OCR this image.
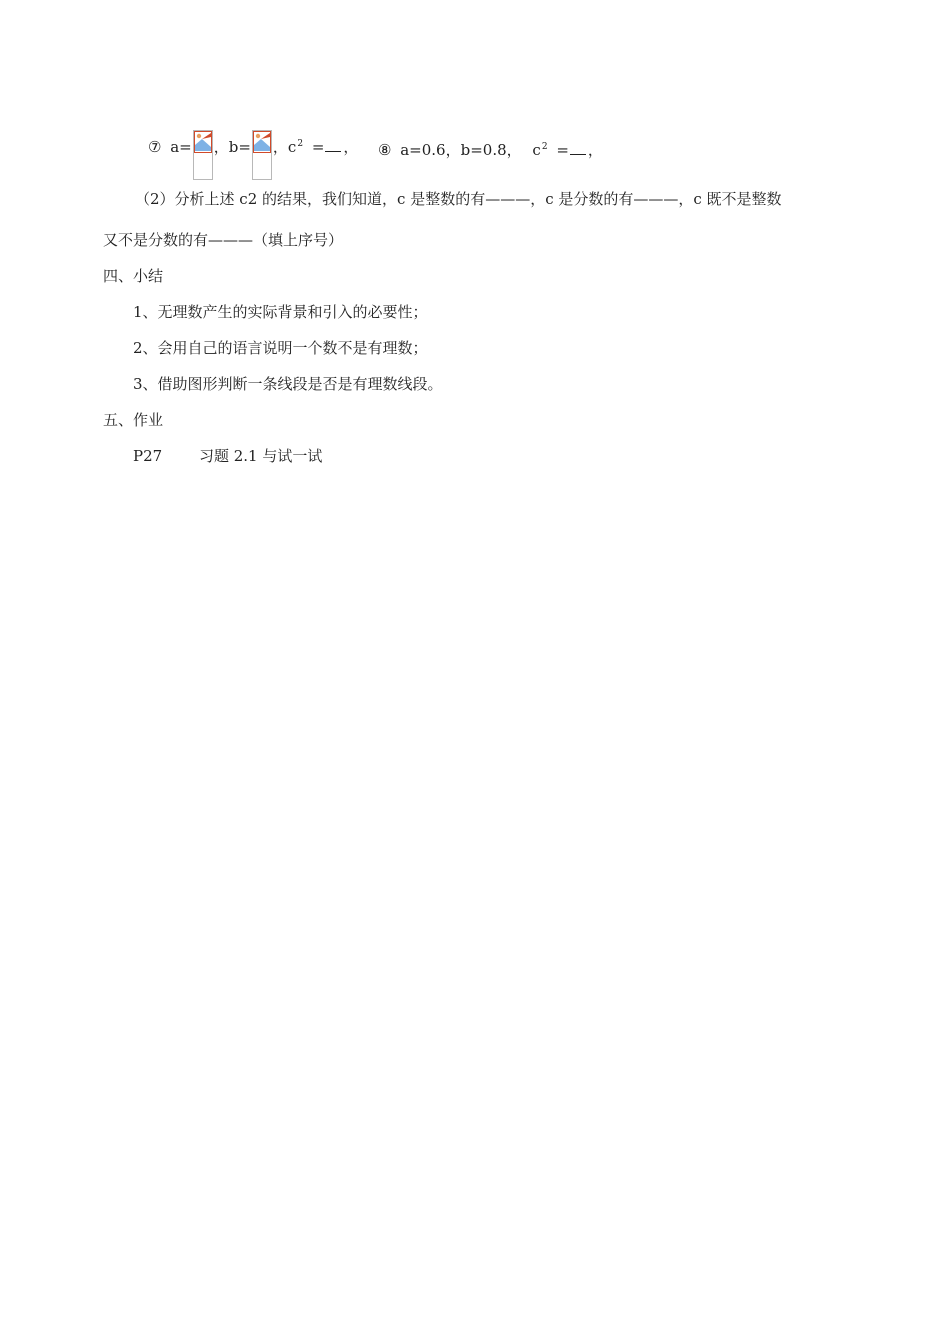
⑦ a= ，b= ，$c^2$ = ， ⑧ a=0.6，b=0.8， $c^2$ = ，
（2）分析上述 c2 的结果，我们知道，c 是整数的有———，c 是分数的有———，c 既不是整数
又不是分数的有———（填上序号）
四、小结
1、无理数产生的实际背景和引入的必要性；
2、会用自己的语言说明一个数不是有理数；
3、借助图形判断一条线段是否是有理数线段。
五、作业
P27 习题 2.1 与试一试
